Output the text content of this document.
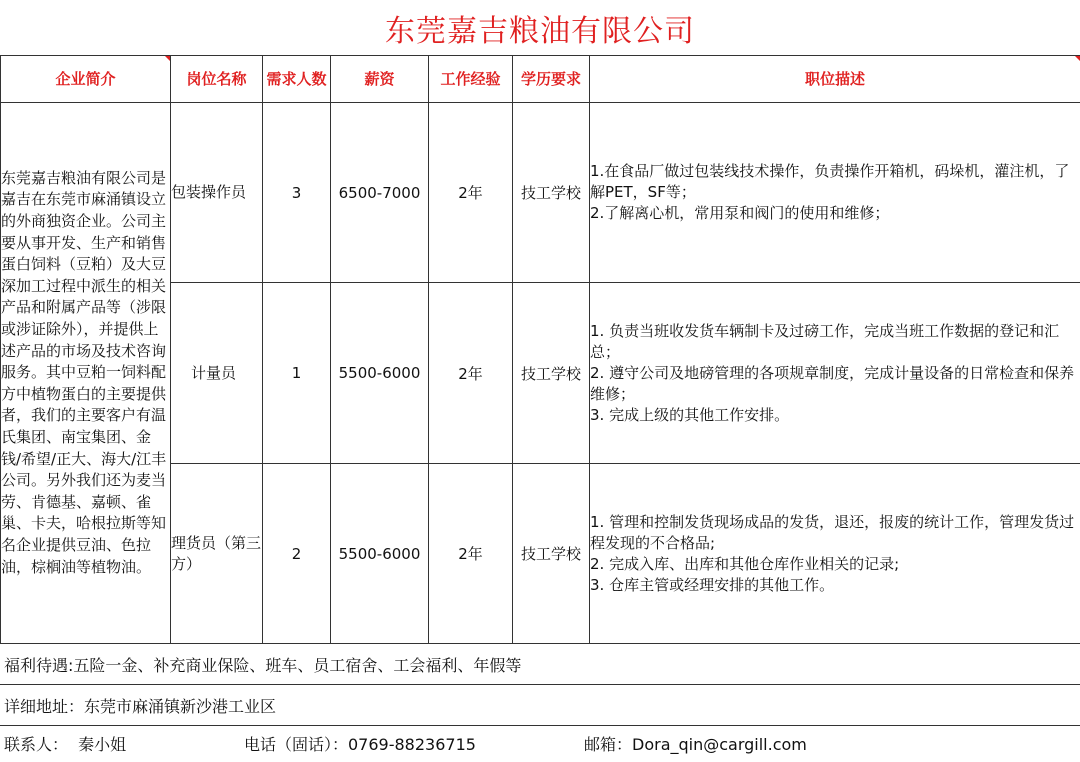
东莞嘉吉粮油有限公司
企业简介	岗位名称	需求人数	薪资	工作经验	学历要求	职位描述
东莞嘉吉粮油有限公司是嘉吉在东莞市麻涌镇设立的外商独资企业。公司主要从事开发、生产和销售蛋白饲料（豆粕）及大豆深加工过程中派生的相关产品和附属产品等（涉限或涉证除外），并提供上述产品的市场及技术咨询服务。其中豆粕一饲料配方中植物蛋白的主要提供者，我们的主要客户有温氏集团、南宝集团、金钱/希望/正大、海大/江丰公司。另外我们还为麦当劳、肯德基、嘉顿、雀巢、卡夫，哈根拉斯等知名企业提供豆油、色拉油，棕榈油等植物油。	包装操作员	3	6500-7000	2年	技工学校	1.在食品厂做过包装线技术操作，负责操作开箱机，码垛机，灌注机，了解PET，SF等；
2.了解离心机，常用泵和阀门的使用和维修；

	计量员	1	5500-6000	2年	技工学校	1. 负责当班收发货车辆制卡及过磅工作，完成当班工作数据的登记和汇总；
2. 遵守公司及地磅管理的各项规章制度，完成计量设备的日常检查和保养维修；
3. 完成上级的其他工作安排。

	理货员（第三方）	2	5500-6000	2年	技工学校	1. 管理和控制发货现场成品的发货，退还，报废的统计工作，管理发货过程发现的不合格品;
2. 完成入库、出库和其他仓库作业相关的记录;
3. 仓库主管或经理安排的其他工作。
福利待遇:五险一金、补充商业保险、班车、员工宿舍、工会福利、年假等
详细地址：东莞市麻涌镇新沙港工业区
联系人：  秦小姐	电话（固话）：0769-88236715	邮箱：Dora_qin@cargill.com
